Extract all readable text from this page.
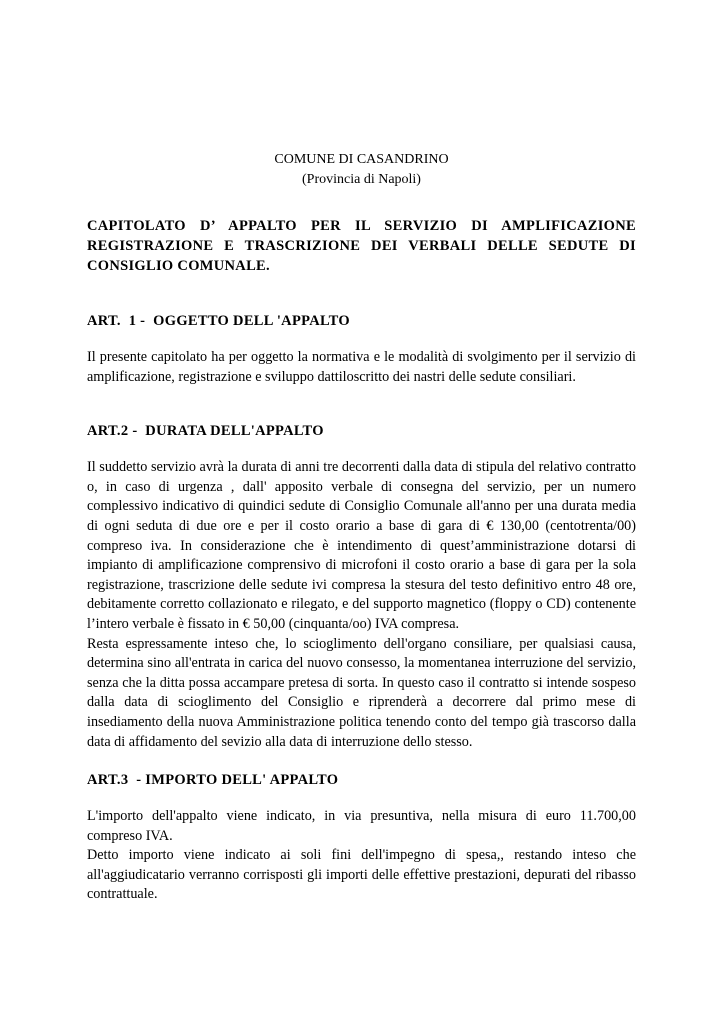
COMUNE DI CASANDRINO
(Provincia di Napoli)
CAPITOLATO D’ APPALTO PER IL SERVIZIO DI AMPLIFICAZIONE REGISTRAZIONE E TRASCRIZIONE DEI VERBALI DELLE SEDUTE DI CONSIGLIO COMUNALE.
ART.  1 -  OGGETTO DELL 'APPALTO
Il presente capitolato ha per oggetto la normativa e le modalità di svolgimento per il servizio di amplificazione, registrazione e sviluppo dattiloscritto dei nastri delle sedute consiliari.
ART.2 -  DURATA DELL'APPALTO
Il suddetto servizio avrà la durata di anni tre decorrenti dalla data di stipula del relativo contratto o, in caso di urgenza , dall' apposito verbale di consegna del servizio, per un numero complessivo indicativo di quindici sedute di Consiglio Comunale all'anno per una durata media di ogni seduta di due ore e per il costo orario a base di gara di € 130,00 (centotrenta/00) compreso iva. In considerazione che è intendimento di quest’amministrazione dotarsi di impianto di amplificazione comprensivo di microfoni il costo orario a base di gara per la sola registrazione, trascrizione delle sedute ivi compresa la stesura del testo definitivo entro 48 ore, debitamente corretto collazionato e rilegato, e del supporto magnetico (floppy o CD) contenente l’intero verbale è fissato in € 50,00 (cinquanta/oo) IVA compresa.
Resta espressamente inteso che, lo scioglimento dell'organo consiliare, per qualsiasi causa, determina sino all'entrata in carica del nuovo consesso, la momentanea interruzione del servizio, senza che la ditta possa accampare pretesa di sorta. In questo caso il contratto si intende sospeso dalla data di scioglimento del Consiglio e riprenderà a decorrere dal primo mese di insediamento della nuova Amministrazione politica tenendo conto del tempo già trascorso dalla data di affidamento del sevizio alla data di interruzione dello stesso.
ART.3  - IMPORTO DELL' APPALTO
L'importo dell'appalto viene indicato, in via presuntiva, nella misura di euro 11.700,00 compreso IVA.
Detto importo viene indicato ai soli fini dell'impegno di spesa,, restando inteso che all'aggiudicatario verranno corrisposti gli importi delle effettive prestazioni, depurati del ribasso contrattuale.
